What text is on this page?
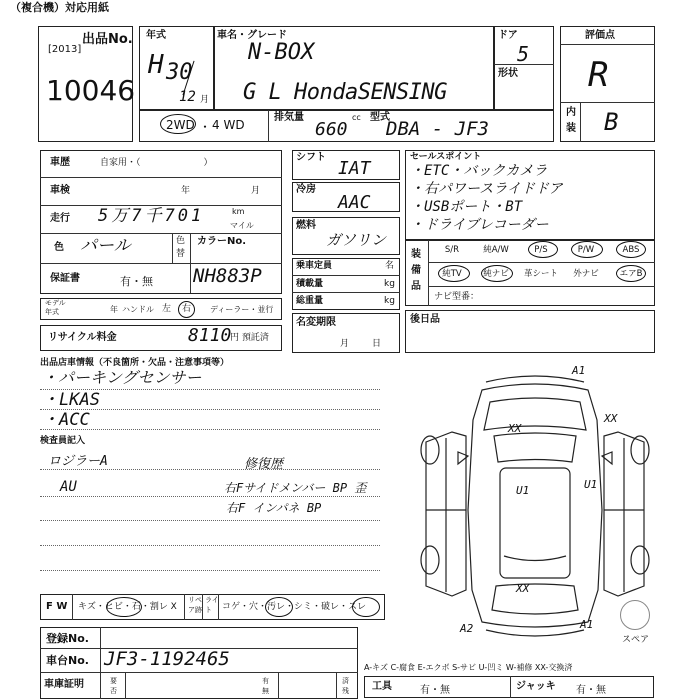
（複合機）対応用紙
出品No.
[2013]
10046
年式
H 30
12 月
車名・グレード
N-BOX
G L HondaSENSING
ドア
5
形状
2WD ・ 4 WD
排気量
660
cc 型式
DBA - JF3
評価点
R
内
装 B
車歴	自家用・（　　　　　　　）
車検	年	月
走行 5万7千701	km
マイル
色 パール	色
替
カラーNo.
保証書	有・無 NH883P
モデル
年式	年 ハンドル 左 右 ディーラー・並行
リサイクル料金	8110
円 預託済
シフト
IAT
冷房
AAC
燃料
ガソリン
乗車定員	名
積載量	kg
総重量	kg
名変期限
月	日
セールスポイント
・ETC・バックカメラ
・右パワースライドドア
・USBポート・BT
・ドライブレコーダー
装
備
品
S/R	純A/W	P/S	P/W	ABS
純TV	純ナビ	革シート	外ナビ	エアB
ナビ型番：
後日品
出品店車情報（不良箇所・欠品・注意事項等）
・パーキングセンサー
・LKAS
・ACC
検査員記入
ロジラーA
AU
修復歴
右Fサイドメンバー BP 歪
右F インパネ BP
A1
XX
XX
U1	U1
XX
A2	A1
スペア
F W キズ・ヒビ・石・割レ X
リペ
ア跡
ライ
ト コゲ・穴・汚レ・シミ・破レ・スレ
登録No.
車台No. JF3-1192465
車庫証明	要
否
有
無
済
残
A-キズ C-腐食 E-エクボ S-サビ U-凹ミ W-補修 XX-交換済
工具	有・無	ジャッキ 有・無
